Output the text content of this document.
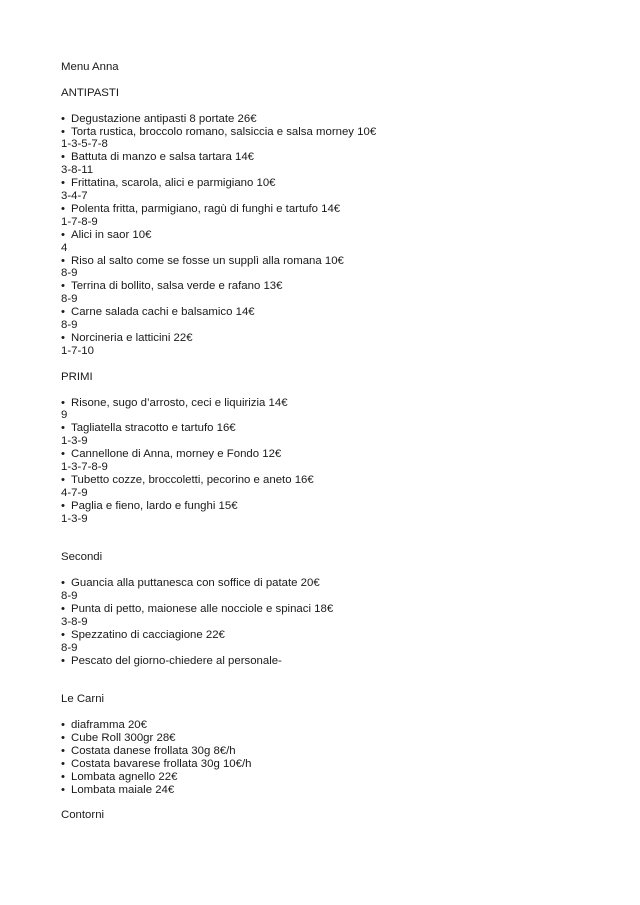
Menu Anna
ANTIPASTI
• Degustazione antipasti 8 portate 26€
• Torta rustica, broccolo romano, salsiccia e salsa morney 10€
1-3-5-7-8
• Battuta di manzo e salsa tartara 14€
3-8-11
• Frittatina, scarola, alici e parmigiano 10€
3-4-7
• Polenta fritta, parmigiano, ragù di funghi e tartufo 14€
1-7-8-9
• Alici in saor 10€
4
• Riso al salto come se fosse un supplì alla romana 10€
8-9
• Terrina di bollito, salsa verde e rafano 13€
8-9
• Carne salada cachi e balsamico 14€
8-9
• Norcineria e latticini 22€
1-7-10
PRIMI
• Risone, sugo d’arrosto, ceci e liquirizia 14€
9
• Tagliatella stracotto e tartufo 16€
1-3-9
• Cannellone di Anna, morney e Fondo 12€
1-3-7-8-9
• Tubetto cozze, broccoletti, pecorino e aneto 16€
4-7-9
• Paglia e fieno, lardo e funghi 15€
1-3-9
Secondi
• Guancia alla puttanesca con soffice di patate 20€
8-9
• Punta di petto, maionese alle nocciole e spinaci 18€
3-8-9
• Spezzatino di cacciagione 22€
8-9
• Pescato del giorno-chiedere al personale-
Le Carni
• diaframma 20€
• Cube Roll 300gr 28€
• Costata danese frollata 30g 8€/h
• Costata bavarese frollata 30g 10€/h
• Lombata agnello 22€
• Lombata maiale 24€
Contorni
